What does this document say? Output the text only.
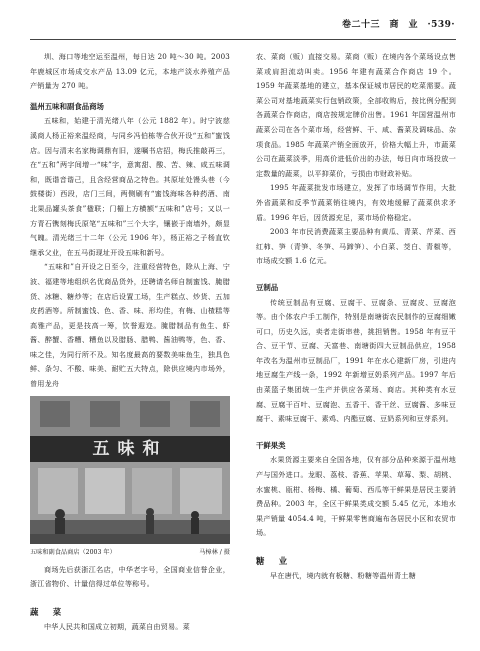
卷二十三　商　业　·539·

圳、海口等地空运至温州，每日达 20 吨～30 吨。2003 年鹿城区市场成交水产品 13.09 亿元，本地产淡水养殖产品产销量为 270 吨。

温州五味和副食品商场

五味和，始建于清光绪八年（公元 1882 年）。时宁波慈溪商人杨正裕来温经商，与同乡冯伯栋等合伙开设“五和”蜜饯店。因与清末名家梅调鼎有旧，遂嘱书店招，梅氏推敲再三，在“五和”两字间增一“味”字，意寓甜、酸、苦、辣、咸五味调和，既谐音谐己，且含经营商品之特色。其原址处馒头巷（今鼓楼街）西段，店门三间，两侧刷有“蜜饯海味各种药酒、南北果品罐头茶食”楹联；门楣上方横额“五味和”店号；又以一方青石镌刻梅氏原笔“五味和”三个大字，镶嵌于南墙外，颇显气魄。清光绪三十二年（公元 1906 年），杨正裕之子杨直钦继承父业，在五马街现址开设五味和新号。

“五味和”自开设之日至今，注重经营特色，除从上海、宁波、福建等地组织名优商品货外，还聘请名师自制蜜饯、腌腊货、冰糖、糖炒等；在店后设置工场，生产糕点、炒货、五加皮药酒等。所制蜜饯、色、香、味、形均佳，有梅、山楂糕等高雅产品，更是技高一筹，饮誉遐迩。腌腊制品有鱼生、虾酱、醉蟹、香糟、糟鱼以及腊肠、腊鸭、酱油鸭等，色、香、味之佳，为同行所不及。知名度最高的要数美味鱼生，独具色鲜、条匀、不酸、味美、耐贮五大特点，除供应境内市场外，曾用龙舟

五味和
五味和副食品商店（2003 年）	马樟林 / 摄

商场先后获浙江名店，中华老字号，全国商业信誉企业，浙江省物价、计量信得过单位等称号。

蔬　菜

中华人民共和国成立初期，蔬菜自由贸易。菜

农、菜商（贩）直接交易。菜商（贩）在境内各个菜场设点售菜或肩担流动叫卖。1956 年建有蔬菜合作商店 19 个。1959 年蔬菜基地的建立，基本保证城市居民的吃菜需要。蔬菜公司对基地蔬菜实行包销政策，全部收购后，按比例分配到各蔬菜合作商店，商店按规定牌价出售。1961 年国营温州市蔬菜公司在各个菜市场，经营鲜、干、咸、酱菜及调味品、杂项食品。1985 年蔬菜产销全面放开，价格大幅上升，市蔬菜公司在蔬菜淡季，用高价进低价出的办法，每日向市场投放一定数量的蔬菜，以平抑菜价，亏损由市财政补贴。

1995 年蔬菜批发市场建立，发挥了市场调节作用，大批外省蔬菜和反季节蔬菜销往境内，有效地缓解了蔬菜供求矛盾。1996 年后，因货源充足，菜市场价格稳定。

2003 年市民消费蔬菜主要品种有黄瓜、青菜、芹菜、西红柿、笋（青笋、冬笋、马蹄笋）、小白菜、茭白、青椒等，市场成交额 1.6 亿元。

豆制品

传统豆制品有豆腐、豆腐干、豆腐条、豆腐皮、豆腐泡等。由个体农户手工制作，特别是南塘街农民制作的豆腐细嫩可口，历史久远，卖者走街串巷，挑担销售。1958 年有豆干合、豆干节、豆腐、天富巷、南塘街四大豆制品供应，1958 年改名为温州市豆制品厂，1991 年在水心建新厂房，引进内地豆腐生产线一条，1992 年新增豆奶系列产品。1997 年后由菜篮子集团统一生产并供应各菜场、商店。其种类有水豆腐、豆腐干百叶、豆腐泡、五香干、香干丝、豆腐酱、多味豆腐干、素味豆腐干、素鸡、内酯豆腐、豆奶系列和豆芽系列。

干鲜果类

水果货源主要来自全国各地，仅有部分品种来源于温州地产与国外进口。龙眼、荔枝、香蕉、苹果、草莓、梨、胡桃、水蜜桃、瓯柑、杨梅、橘、葡萄、西瓜等干鲜果是居民主要消费品种。2003 年，全区干鲜果类成交额 5.45 亿元，本地水果产销量 4054.4 吨，干鲜果零售商遍布各居民小区和农贸市场。

糖　业

早在唐代，境内就有板糖、粉糖等温州青土糖
